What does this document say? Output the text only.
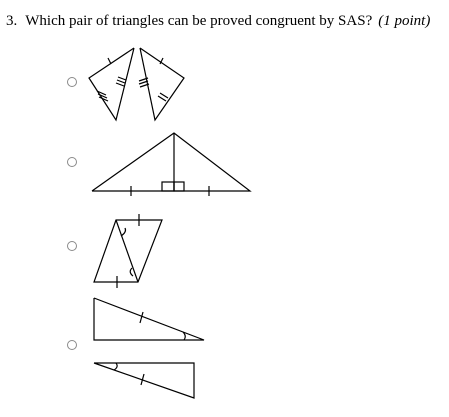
3. Which pair of triangles can be proved congruent by SAS? (1 point)
